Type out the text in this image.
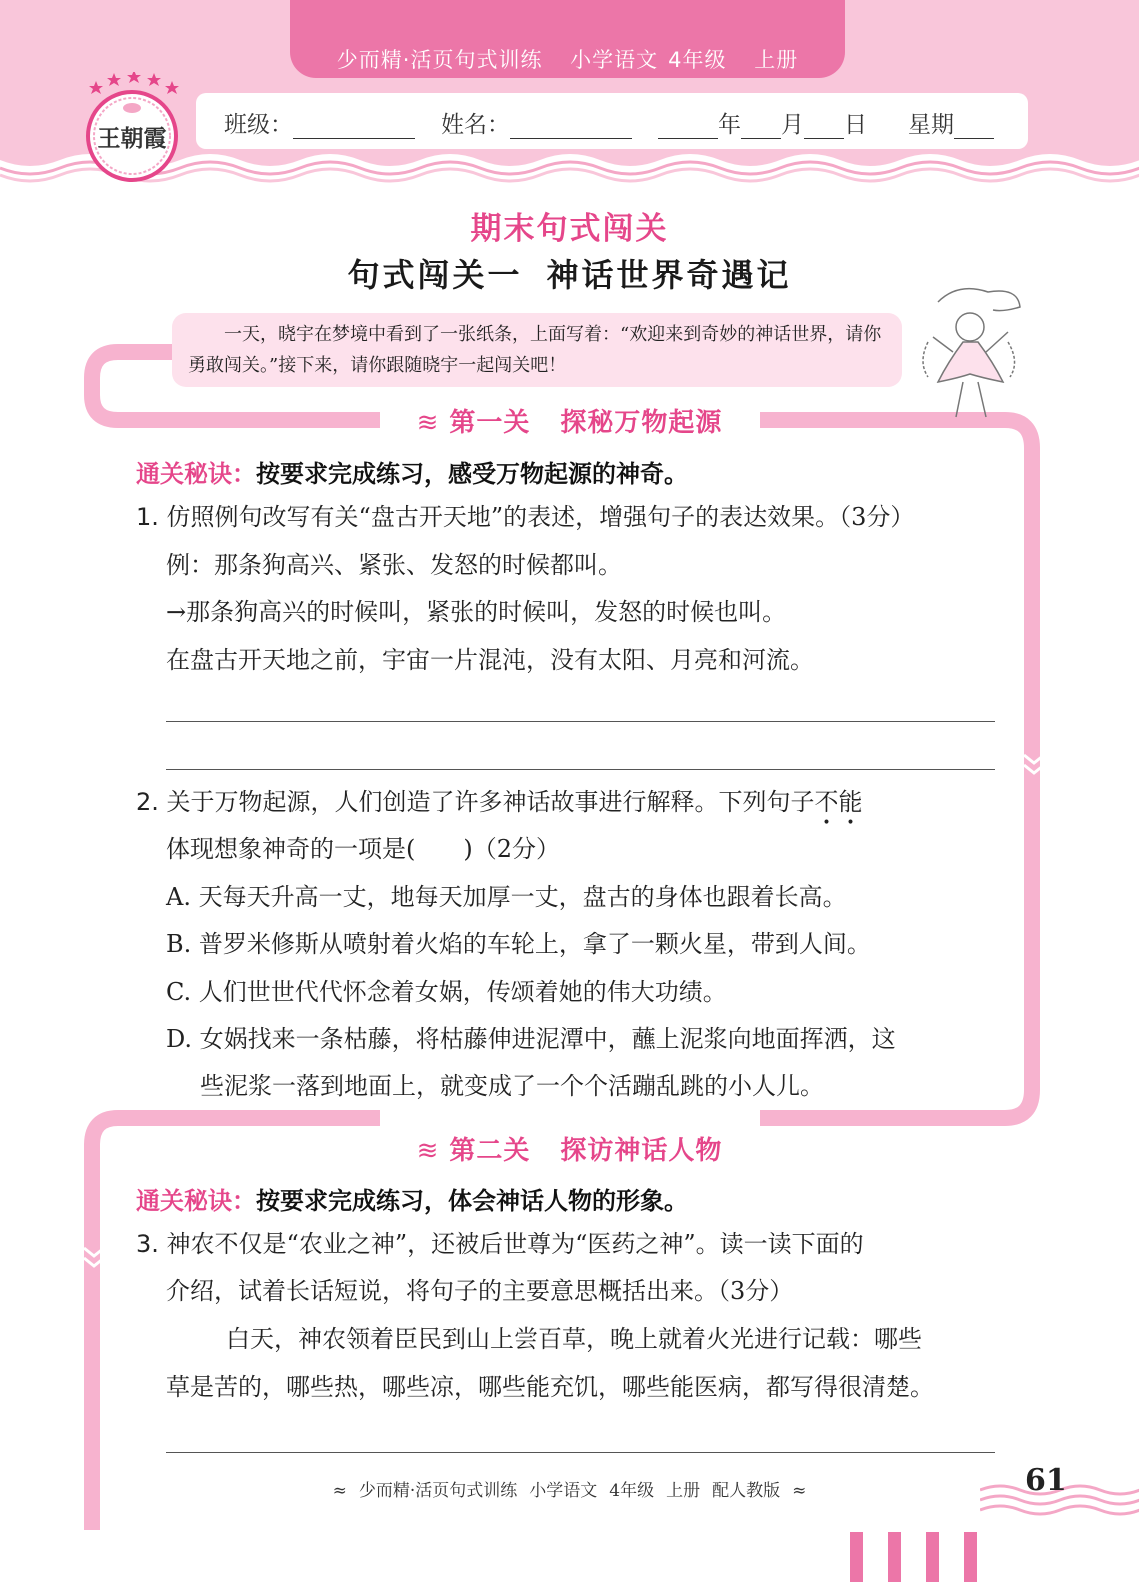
少而精·活页句式训练 小学语文 4年级 上册
班级：	姓名：	年 月 日 星期
王朝霞
期末句式闯关
句式闯关一 神话世界奇遇记

一天，晓宇在梦境中看到了一张纸条，上面写着：“欢迎来到奇妙的神话世界，请你勇敢闯关。”接下来，请你跟随晓宇一起闯关吧！

≋ 第一关 探秘万物起源
通关秘诀：按要求完成练习，感受万物起源的神奇。
1. 仿照例句改写有关“盘古开天地”的表述，增强句子的表达效果。（3分）
例：那条狗高兴、紧张、发怒的时候都叫。
→那条狗高兴的时候叫，紧张的时候叫，发怒的时候也叫。
在盘古开天地之前，宇宙一片混沌，没有太阳、月亮和河流。
2. 关于万物起源，人们创造了许多神话故事进行解释。下列句子不能
体现想象神奇的一项是(　　)（2分）
A. 天每天升高一丈，地每天加厚一丈，盘古的身体也跟着长高。
B. 普罗米修斯从喷射着火焰的车轮上，拿了一颗火星，带到人间。
C. 人们世世代代怀念着女娲，传颂着她的伟大功绩。
D. 女娲找来一条枯藤，将枯藤伸进泥潭中，蘸上泥浆向地面挥洒，这
些泥浆一落到地面上，就变成了一个个活蹦乱跳的小人儿。
≋ 第二关 探访神话人物
通关秘诀：按要求完成练习，体会神话人物的形象。
3. 神农不仅是“农业之神”，还被后世尊为“医药之神”。读一读下面的
介绍，试着长话短说，将句子的主要意思概括出来。（3分）
白天，神农领着臣民到山上尝百草，晚上就着火光进行记载：哪些
草是苦的，哪些热，哪些凉，哪些能充饥，哪些能医病，都写得很清楚。
≈ 少而精·活页句式训练 小学语文 4年级 上册 配人教版 ≈	61
